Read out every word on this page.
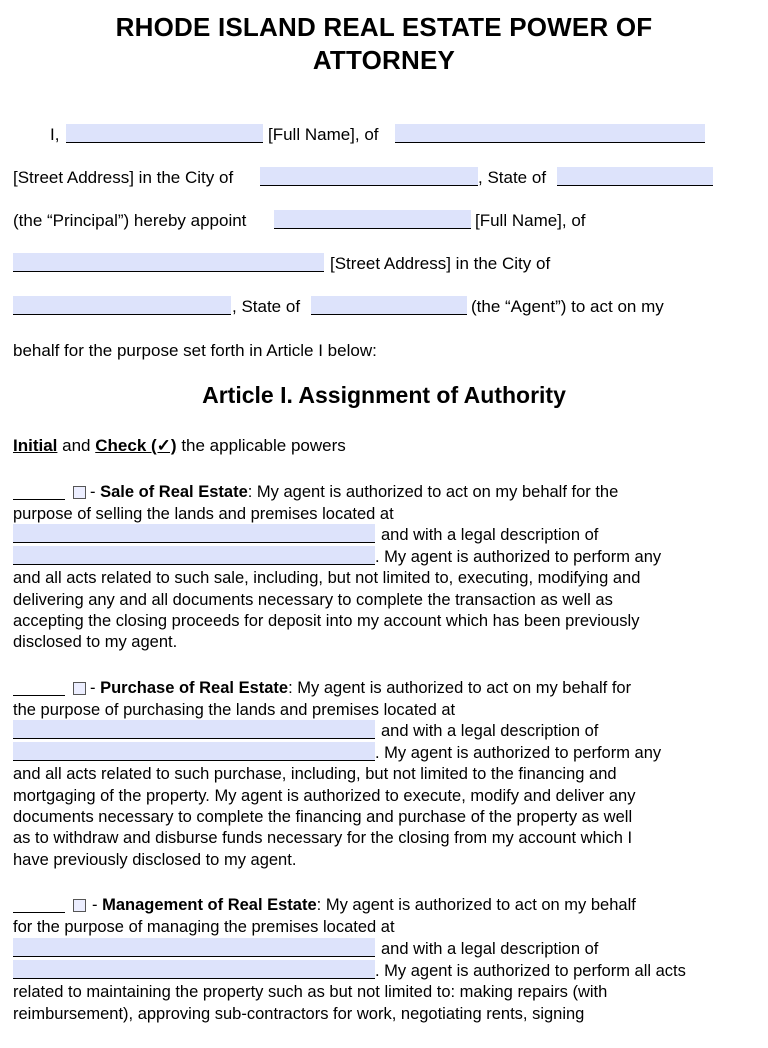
RHODE ISLAND REAL ESTATE POWER OF
ATTORNEY
I,	[Full Name], of
[Street Address] in the City of	, State of
(the “Principal”) hereby appoint	[Full Name], of
[Street Address] in the City of
, State of	(the “Agent”) to act on my
behalf for the purpose set forth in Article I below:
Article I. Assignment of Authority
Initial and Check (✓) the applicable powers
- Sale of Real Estate: My agent is authorized to act on my behalf for the
purpose of selling the lands and premises located at
and with a legal description of
. My agent is authorized to perform any
and all acts related to such sale, including, but not limited to, executing, modifying and
delivering any and all documents necessary to complete the transaction as well as
accepting the closing proceeds for deposit into my account which has been previously
disclosed to my agent.
- Purchase of Real Estate: My agent is authorized to act on my behalf for
the purpose of purchasing the lands and premises located at
and with a legal description of
. My agent is authorized to perform any
and all acts related to such purchase, including, but not limited to the financing and
mortgaging of the property. My agent is authorized to execute, modify and deliver any
documents necessary to complete the financing and purchase of the property as well
as to withdraw and disburse funds necessary for the closing from my account which I
have previously disclosed to my agent.
- Management of Real Estate: My agent is authorized to act on my behalf
for the purpose of managing the premises located at
and with a legal description of
. My agent is authorized to perform all acts
related to maintaining the property such as but not limited to: making repairs (with
reimbursement), approving sub-contractors for work, negotiating rents, signing
